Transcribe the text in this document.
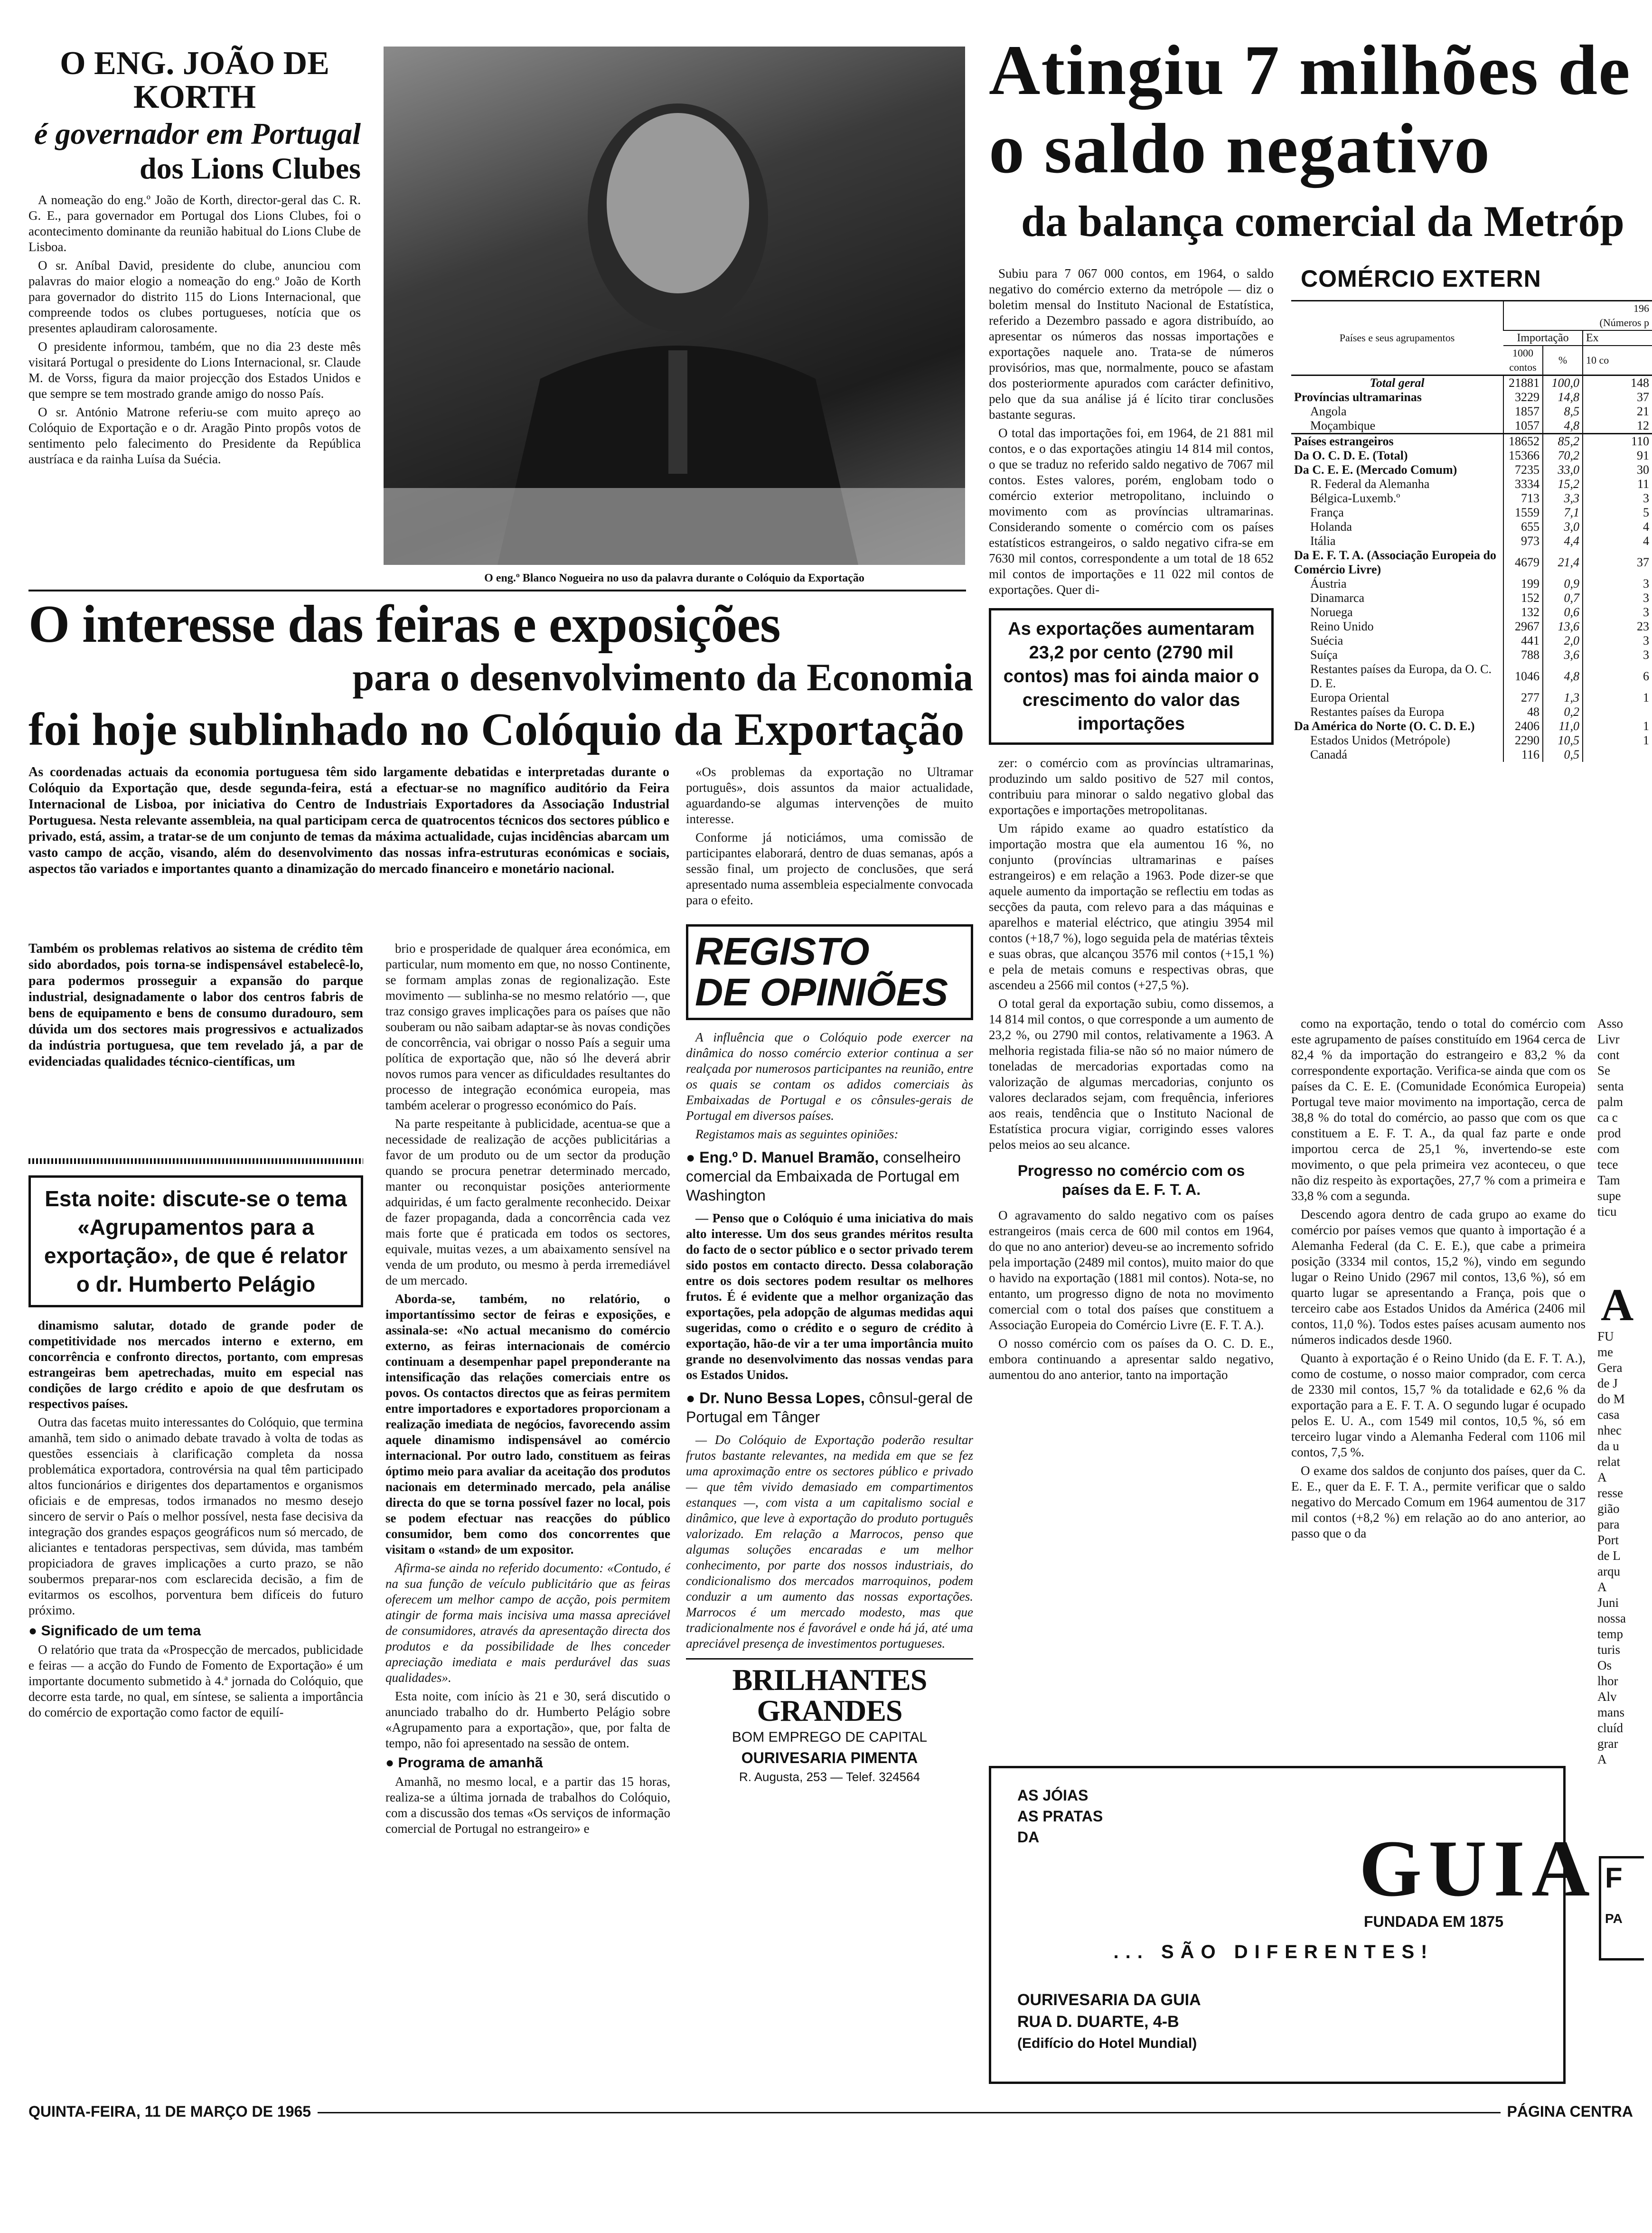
O ENG. JOÃO DE KORTH
é governador em Portugal
dos Lions Clubes

A nomeação do eng.º João de Korth, director-geral das C. R. G. E., para governador em Portugal dos Lions Clubes, foi o acontecimento dominante da reunião habitual do Lions Clube de Lisboa.

O sr. Aníbal David, presidente do clube, anunciou com palavras do maior elogio a nomeação do eng.º João de Korth para governador do distrito 115 do Lions Internacional, que compreende todos os clubes portugueses, notícia que os presentes aplaudiram calorosamente.

O presidente informou, também, que no dia 23 deste mês visitará Portugal o presidente do Lions Internacional, sr. Claude M. de Vorss, figura da maior projecção dos Estados Unidos e que sempre se tem mostrado grande amigo do nosso País.

O sr. António Matrone referiu-se com muito apreço ao Colóquio de Exportação e o dr. Aragão Pinto propôs votos de sentimento pelo falecimento do Presidente da República austríaca e da rainha Luísa da Suécia.

O eng.º Blanco Nogueira no uso da palavra durante o Colóquio da Exportação
O interesse das feiras e exposições
para o desenvolvimento da Economia
foi hoje sublinhado no Colóquio da Exportação
As coordenadas actuais da economia portuguesa têm sido largamente debatidas e interpretadas durante o Colóquio da Exportação que, desde segunda-feira, está a efectuar-se no magnífico auditório da Feira Internacional de Lisboa, por iniciativa do Centro de Industriais Exportadores da Associação Industrial Portuguesa. Nesta relevante assembleia, na qual participam cerca de quatrocentos técnicos dos sectores público e privado, está, assim, a tratar-se de um conjunto de temas da máxima actualidade, cujas incidências abarcam um vasto campo de acção, visando, além do desenvolvimento das nossas infra-estruturas económicas e sociais, aspectos tão variados e importantes quanto a dinamização do mercado financeiro e monetário nacional.
Também os problemas relativos ao sistema de crédito têm sido abordados, pois torna-se indispensável estabelecê-lo, para podermos prosseguir a expansão do parque industrial, designadamente o labor dos centros fabris de bens de equipamento e bens de consumo duradouro, sem dúvida um dos sectores mais progressivos e actualizados da indústria portuguesa, que tem revelado já, a par de evidenciadas qualidades técnico-científicas, um
Esta noite: discute-se o tema «Agrupamentos para a exportação», de que é relator o dr. Humberto Pelágio

dinamismo salutar, dotado de grande poder de competitividade nos mercados interno e externo, em concorrência e confronto directos, portanto, com empresas estrangeiras bem apetrechadas, muito em especial nas condições de largo crédito e apoio de que desfrutam os respectivos países.

Outra das facetas muito interessantes do Colóquio, que termina amanhã, tem sido o animado debate travado à volta de todas as questões essenciais à clarificação completa da nossa problemática exportadora, controvérsia na qual têm participado altos funcionários e dirigentes dos departamentos e organismos oficiais e de empresas, todos irmanados no mesmo desejo sincero de servir o País o melhor possível, nesta fase decisiva da integração dos grandes espaços geográficos num só mercado, de aliciantes e tentadoras perspectivas, sem dúvida, mas também propiciadora de graves implicações a curto prazo, se não soubermos preparar-nos com esclarecida decisão, a fim de evitarmos os escolhos, porventura bem difíceis do futuro próximo.

● Significado de um tema

O relatório que trata da «Prospecção de mercados, publicidade e feiras — a acção do Fundo de Fomento de Exportação» é um importante documento submetido à 4.ª jornada do Colóquio, que decorre esta tarde, no qual, em síntese, se salienta a importância do comércio de exportação como factor de equilí-

brio e prosperidade de qualquer área económica, em particular, num momento em que, no nosso Continente, se formam amplas zonas de regionalização. Este movimento — sublinha-se no mesmo relatório —, que traz consigo graves implicações para os países que não souberam ou não saibam adaptar-se às novas condições de concorrência, vai obrigar o nosso País a seguir uma política de exportação que, não só lhe deverá abrir novos rumos para vencer as dificuldades resultantes do processo de integração económica europeia, mas também acelerar o progresso económico do País.

Na parte respeitante à publicidade, acentua-se que a necessidade de realização de acções publicitárias a favor de um produto ou de um sector da produção quando se procura penetrar determinado mercado, manter ou reconquistar posições anteriormente adquiridas, é um facto geralmente reconhecido. Deixar de fazer propaganda, dada a concorrência cada vez mais forte que é praticada em todos os sectores, equivale, muitas vezes, a um abaixamento sensível na venda de um produto, ou mesmo à perda irremediável de um mercado.

Aborda-se, também, no relatório, o importantíssimo sector de feiras e exposições, e assinala-se: «No actual mecanismo do comércio externo, as feiras internacionais de comércio continuam a desempenhar papel preponderante na intensificação das relações comerciais entre os povos. Os contactos directos que as feiras permitem entre importadores e exportadores proporcionam a realização imediata de negócios, favorecendo assim aquele dinamismo indispensável ao comércio internacional. Por outro lado, constituem as feiras óptimo meio para avaliar da aceitação dos produtos nacionais em determinado mercado, pela análise directa do que se torna possível fazer no local, pois se podem efectuar nas reacções do público consumidor, bem como dos concorrentes que visitam o «stand» de um expositor.

Afirma-se ainda no referido documento: «Contudo, é na sua função de veículo publicitário que as feiras oferecem um melhor campo de acção, pois permitem atingir de forma mais incisiva uma massa apreciável de consumidores, através da apresentação directa dos produtos e da possibilidade de lhes conceder apreciação imediata e mais perdurável das suas qualidades».

Esta noite, com início às 21 e 30, será discutido o anunciado trabalho do dr. Humberto Pelágio sobre «Agrupamento para a exportação», que, por falta de tempo, não foi apresentado na sessão de ontem.

● Programa de amanhã

Amanhã, no mesmo local, e a partir das 15 horas, realiza-se a última jornada de trabalhos do Colóquio, com a discussão dos temas «Os serviços de informação comercial de Portugal no estrangeiro» e

«Os problemas da exportação no Ultramar português», dois assuntos da maior actualidade, aguardando-se algumas intervenções de muito interesse.

Conforme já noticiámos, uma comissão de participantes elaborará, dentro de duas semanas, após a sessão final, um projecto de conclusões, que será apresentado numa assembleia especialmente convocada para o efeito.

REGISTO
DE OPINIÕES

A influência que o Colóquio pode exercer na dinâmica do nosso comércio exterior continua a ser realçada por numerosos participantes na reunião, entre os quais se contam os adidos comerciais às Embaixadas de Portugal e os cônsules-gerais de Portugal em diversos países.

Registamos mais as seguintes opiniões:

● Eng.º D. Manuel Bramão, conselheiro comercial da Embaixada de Portugal em Washington

— Penso que o Colóquio é uma iniciativa do mais alto interesse. Um dos seus grandes méritos resulta do facto de o sector público e o sector privado terem sido postos em contacto directo. Dessa colaboração entre os dois sectores podem resultar os melhores frutos. É é evidente que a melhor organização das exportações, pela adopção de algumas medidas aqui sugeridas, como o crédito e o seguro de crédito à exportação, hão-de vir a ter uma importância muito grande no desenvolvimento das nossas vendas para os Estados Unidos.

● Dr. Nuno Bessa Lopes, cônsul-geral de Portugal em Tânger

— Do Colóquio de Exportação poderão resultar frutos bastante relevantes, na medida em que se fez uma aproximação entre os sectores público e privado — que têm vivido demasiado em compartimentos estanques —, com vista a um capitalismo social e dinâmico, que leve à exportação do produto português valorizado. Em relação a Marrocos, penso que algumas soluções encaradas e um melhor conhecimento, por parte dos nossos industriais, do condicionalismo dos mercados marroquinos, podem conduzir a um aumento das nossas exportações. Marrocos é um mercado modesto, mas que tradicionalmente nos é favorável e onde há já, até uma apreciável presença de investimentos portugueses.

BRILHANTES GRANDES
BOM EMPREGO DE CAPITAL
OURIVESARIA PIMENTA
R. Augusta, 253 — Telef. 324564
Atingiu 7 milhões de
o saldo negativo
da balança comercial da Metróp

Subiu para 7 067 000 contos, em 1964, o saldo negativo do comércio externo da metrópole — diz o boletim mensal do Instituto Nacional de Estatística, referido a Dezembro passado e agora distribuído, ao apresentar os números das nossas importações e exportações naquele ano. Trata-se de números provisórios, mas que, normalmente, pouco se afastam dos posteriormente apurados com carácter definitivo, pelo que da sua análise já é lícito tirar conclusões bastante seguras.

O total das importações foi, em 1964, de 21 881 mil contos, e o das exportações atingiu 14 814 mil contos, o que se traduz no referido saldo negativo de 7067 mil contos. Estes valores, porém, englobam todo o comércio exterior metropolitano, incluindo o movimento com as províncias ultramarinas. Considerando somente o comércio com os países estatísticos estrangeiros, o saldo negativo cifra-se em 7630 mil contos, correspondente a um total de 18 652 mil contos de importações e 11 022 mil contos de exportações. Quer di-

As exportações aumentaram 23,2 por cento (2790 mil contos) mas foi ainda maior o crescimento do valor das importações

zer: o comércio com as províncias ultramarinas, produzindo um saldo positivo de 527 mil contos, contribuiu para minorar o saldo negativo global das exportações e importações metropolitanas.

Um rápido exame ao quadro estatístico da importação mostra que ela aumentou 16 %, no conjunto (províncias ultramarinas e países estrangeiros) e em relação a 1963. Pode dizer-se que aquele aumento da importação se reflectiu em todas as secções da pauta, com relevo para a das máquinas e aparelhos e material eléctrico, que atingiu 3954 mil contos (+18,7 %), logo seguida pela de matérias têxteis e suas obras, que alcançou 3576 mil contos (+15,1 %) e pela de metais comuns e respectivas obras, que ascendeu a 2566 mil contos (+27,5 %).

O total geral da exportação subiu, como dissemos, a 14 814 mil contos, o que corresponde a um aumento de 23,2 %, ou 2790 mil contos, relativamente a 1963. A melhoria registada filia-se não só no maior número de toneladas de mercadorias exportadas como na valorização de algumas mercadorias, conjunto os valores declarados sejam, com frequência, inferiores aos reais, tendência que o Instituto Nacional de Estatística procura vigiar, corrigindo esses valores pelos meios ao seu alcance.

Progresso no comércio com os países da E. F. T. A.

O agravamento do saldo negativo com os países estrangeiros (mais cerca de 600 mil contos em 1964, do que no ano anterior) deveu-se ao incremento sofrido pela importação (2489 mil contos), muito maior do que o havido na exportação (1881 mil contos). Nota-se, no entanto, um progresso digno de nota no movimento comercial com o total dos países que constituem a Associação Europeia do Comércio Livre (E. F. T. A.).

O nosso comércio com os países da O. C. D. E., embora continuando a apresentar saldo negativo, aumentou do ano anterior, tanto na importação

COMÉRCIO EXTERN
Países e seus agrupamentos	196
(Números p		
	Importação		Ex
	1000 contos	%	10 co
Total geral	21881	100,0	148
Províncias ultramarinas	3229	14,8	37
Angola	1857	8,5	21
Moçambique	1057	4,8	12
Países estrangeiros	18652	85,2	110
Da O. C. D. E. (Total)	15366	70,2	91
Da C. E. E. (Mercado Comum)	7235	33,0	30
R. Federal da Alemanha	3334	15,2	11
Bélgica-Luxemb.º	713	3,3	3
França	1559	7,1	5
Holanda	655	3,0	4
Itália	973	4,4	4
Da E. F. T. A. (Associação Europeia do Comércio Livre)	4679	21,4	37
Áustria	199	0,9	3
Dinamarca	152	0,7	3
Noruega	132	0,6	3
Reino Unido	2967	13,6	23
Suécia	441	2,0	3
Suíça	788	3,6	3
Restantes países da Europa, da O. C. D. E.	1046	4,8	6
Europa Oriental	277	1,3	1
Restantes países da Europa	48	0,2	
Da América do Norte (O. C. D. E.)	2406	11,0	1
Estados Unidos (Metrópole)	2290	10,5	1
Canadá	116	0,5	

como na exportação, tendo o total do comércio com este agrupamento de países constituído em 1964 cerca de 82,4 % da importação do estrangeiro e 83,2 % da correspondente exportação. Verifica-se ainda que com os países da C. E. E. (Comunidade Económica Europeia) Portugal teve maior movimento na importação, cerca de 38,8 % do total do comércio, ao passo que com os que constituem a E. F. T. A., da qual faz parte e onde importou cerca de 25,1 %, invertendo-se este movimento, o que pela primeira vez aconteceu, o que não diz respeito às exportações, 27,7 % com a primeira e 33,8 % com a segunda.

Descendo agora dentro de cada grupo ao exame do comércio por países vemos que quanto à importação é a Alemanha Federal (da C. E. E.), que cabe a primeira posição (3334 mil contos, 15,2 %), vindo em segundo lugar o Reino Unido (2967 mil contos, 13,6 %), só em quarto lugar se apresentando a França, pois que o terceiro cabe aos Estados Unidos da América (2406 mil contos, 11,0 %). Todos estes países acusam aumento nos números indicados desde 1960.

Quanto à exportação é o Reino Unido (da E. F. T. A.), como de costume, o nosso maior comprador, com cerca de 2330 mil contos, 15,7 % da totalidade e 62,6 % da exportação para a E. F. T. A. O segundo lugar é ocupado pelos E. U. A., com 1549 mil contos, 10,5 %, só em terceiro lugar vindo a Alemanha Federal com 1106 mil contos, 7,5 %.

O exame dos saldos de conjunto dos países, quer da C. E. E., quer da E. F. T. A., permite verificar que o saldo negativo do Mercado Comum em 1964 aumentou de 317 mil contos (+8,2 %) em relação ao do ano anterior, ao passo que o da

Asso
Livr
cont
Se
senta
palm
ca c
prod
com
tece
Tam
supe
ticu
FU
me
Gera
de J
do M
casa
nhec
da u
relat
A
resse
gião
para
Port
de L
arqu
A
Juni
nossa
temp
turis
Os
lhor
Alv
mans
cluíd
grar
A
A
F
PA
AS JÓIAS
AS PRATAS
DA	GUIA
FUNDADA EM 1875
... SÃO DIFERENTES!
OURIVESARIA DA GUIA
RUA D. DUARTE, 4-B
(Edifício do Hotel Mundial)
QUINTA-FEIRA, 11 DE MARÇO DE 1965	PÁGINA CENTRA
